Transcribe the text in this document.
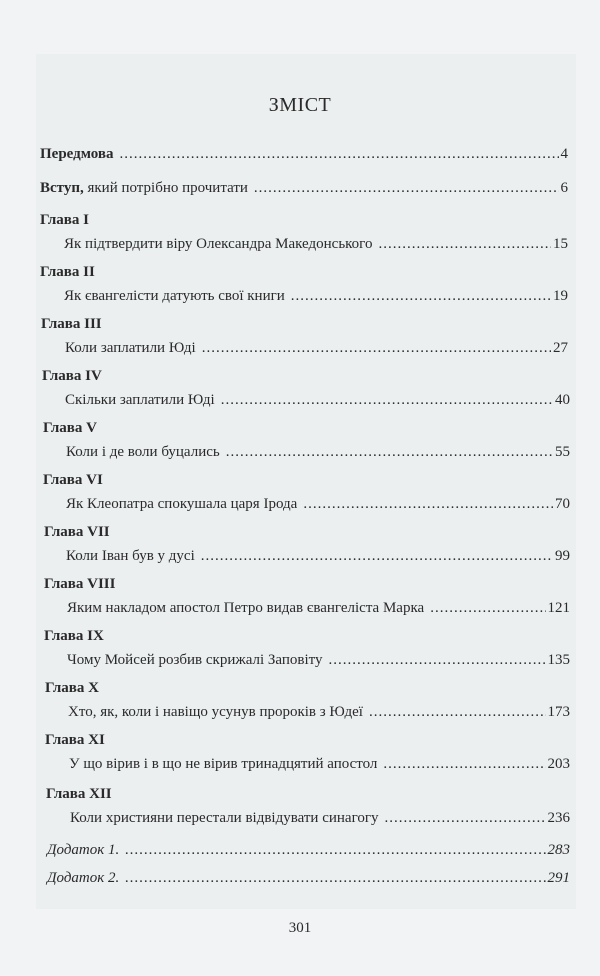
ЗМІСТ
Передмова .....	4
Вступ, який потрібно прочитати .....	6
Глава I
Як підтвердити віру Олександра Македонського .....	15
Глава II
Як євангелісти датують свої книги .....	19
Глава III
Коли заплатили Юді .....	27
Глава IV
Скільки заплатили Юді .....	40
Глава V
Коли і де воли буцались .....	55
Глава VI
Як Клеопатра спокушала царя Ірода .....	70
Глава VII
Коли Іван був у дусі .....	99
Глава VIII
Яким накладом апостол Петро видав євангеліста Марка .....	121
Глава IX
Чому Мойсей розбив скрижалі Заповіту .....	135
Глава X
Хто, як, коли і навіщо усунув пророків з Юдеї .....	173
Глава XI
У що вірив і в що не вірив тринадцятий апостол .....	203
Глава XII
Коли християни перестали відвідувати синагогу .....	236
Додаток 1. .....	283
Додаток 2. .....	291
301
